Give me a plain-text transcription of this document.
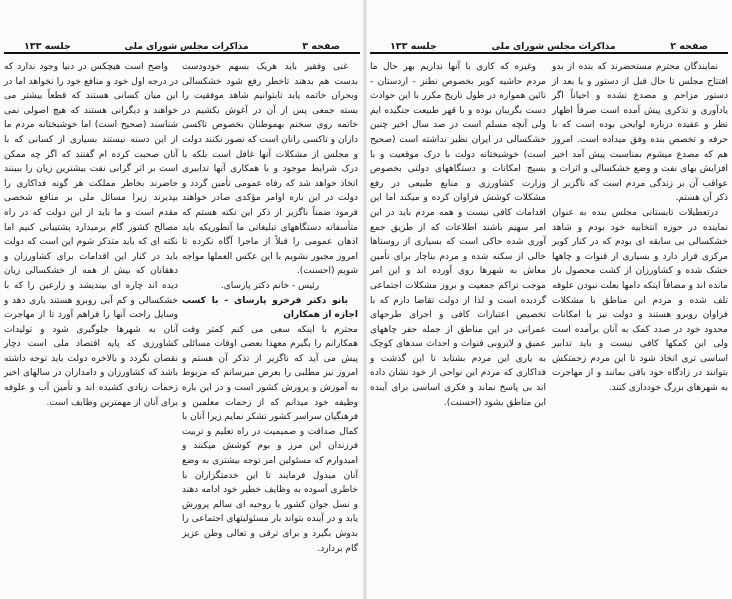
صفحه ۳
مذاکرات مجلس شورای ملی
جلسه ۱۳۳

غنی وفقیر باید هریک بسهم خودودست بدست هم بدهند تاخطر رفع شود خشکسالی وبحران خاتمه یابد تابتوانیم شاهد موفقیت را بسته جمعی پس از آن در آغوش بکشیم در خاتمه روی سخنم بهموطنان بخصوص تاکسی داران و تاکسی رانان است که تصور نکنند دولت و مجلس از مشکلات آنها غافل است بلکه با درک شرایط موجود و با همکاری آنها تدابیری اتخاذ خواهد شد که رفاه عمومی تأمین گردد و دولت در این باره اوامر مؤکدی صادر خواهند فرمود ضمناً ناگزیر از ذکر این نکته هستم که متأسفانه دستگاههای تبلیغاتی ما آنطوریکه باید اذهان عمومی را قبلاً از ماجرا آگاه نکرده تا امروز مجبور نشویم با این عکس العملها مواجه شویم (احسنت).

رئیس - خانم دکتر پارسای.

بانو دکتر فرخرو پارسای - با کسب اجازه از همکاران

محترم با اینکه سعی می کنم کمتر وقت همکارانم را بگیرم معهذا بعضی اوقات مسائلی پیش می آید که ناگزیر از تذکر آن هستم و امروز نیز مطلبی را بعرض میرسانم که مربوط به آموزش و پرورش کشور است و در این باره وظیفه خود میدانم که از زحمات معلمین و فرهنگیان سراسر کشور تشکر نمایم زیرا آنان با کمال صداقت و صمیمیت در راه تعلیم و تربیت فرزندان این مرز و بوم کوشش میکنند و امیدوارم که مسئولین امر توجه بیشتری به وضع آنان مبذول فرمایند تا این خدمتگزاران با خاطری آسوده به وظایف خطیر خود ادامه دهند و نسل جوان کشور با روحیه ای سالم پرورش یابد و در آینده بتواند بار مسئولیتهای اجتماعی را بدوش بگیرد و برای ترقی و تعالی وطن عزیز گام بردارد.

واضح است هیچکس در دنیا وجود ندارد که در درجه اول خود و منافع خود را نخواهد اما در این میان کسانی هستند که قطعاً بیشتر می خواهند و دیگرانی هستند که هیچ اصولی نمی شناسند (صحیح است) اما خوشبختانه مردم ما از این دسته نیستند بسیاری از کسانی که با آنان صحبت کرده ام گفتند که اگر چه ممکن است بر اثر گرانی نفت بیشترین زیان را ببینند حاضرند بخاطر مملکت هر گونه فداکاری را بپذیرند زیرا مسائل ملی بر منافع شخصی مقدم است و ما باید از این دولت که در راه مصالح کشور گام برمیدارد پشتیبانی کنیم اما نکته ای که باید متذکر شوم این است که دولت باید در کنار این اقدامات برای کشاورزان و دهقانان که بیش از همه از خشکسالی زیان دیده اند چاره ای بیندیشد و زارعین را که با خشکسالی و کم آبی روبرو هستند یاری دهد و وسایل راحت آنها را فراهم آورد تا از مهاجرت آنان به شهرها جلوگیری شود و تولیدات کشاورزی که پایه اقتصاد ملی است دچار نقصان نگردد و بالاخره دولت باید توجه داشته باشد که کشاورزان و دامداران در سالهای اخیر زحمات زیادی کشیده اند و تأمین آب و علوفه برای آنان از مهمترین وظایف است.

صفحه ۲
مذاکرات مجلس شورای ملی
جلسه ۱۳۳

نمایندگان محترم مستحضرند که بنده از بدو افتتاح مجلس تا حال قبل از دستور و یا بعد از دستور مزاحم و مصدع نشده و احیاناً اگر یادآوری و تذکری پیش آمده است صرفاً اظهار نظر و عقیده درباره لوایحی بوده است که با حرفه و تخصص بنده وفق میداده است. امروز هم که مصدع میشوم بمناسبت پیش آمد اخیر افزایش بهای نفت و وضع خشکسالی و اثرات و عواقب آن بر زندگی مردم است که ناگزیر از ذکر آن هستم.

درتعطیلات تابستانی مجلس بنده به عنوان نماینده در حوزه انتخابیه خود بودم و شاهد خشکسالی بی سابقه ای بودم که در کنار کویر مرکزی قرار دارد و بسیاری از قنوات و چاهها خشک شده و کشاورزان از کشت محصول باز مانده اند و مضافاً اینکه دامها بعلت نبودن علوفه تلف شده و مردم این مناطق با مشکلات فراوان روبرو هستند و دولت نیز با امکانات محدود خود در صدد کمک به آنان برآمده است ولی این کمکها کافی نیست و باید تدابیر اساسی تری اتخاذ شود تا این مردم زحمتکش بتوانند در زادگاه خود باقی بمانند و از مهاجرت به شهرهای بزرگ خودداری کنند.

وغیره که کاری با آنها نداریم بهر حال ما مردم حاشیه کویر بخصوص نطنز - اردستان - نائین همواره در طول تاریخ مکرر با این حوادث دست بگریبان بوده و با قهر طبیعت جنگیده ایم ولی آنچه مسلم است در صد سال اخیر چنین خشکسالی در ایران نظیر نداشته است (صحیح است) خوشبختانه دولت با درک موقعیت و با بسیج امکانات و دستگاههای دولتی بخصوص وزارت کشاورزی و منابع طبیعی در رفع مشکلات کوشش فراوان کرده و میکند اما این اقدامات کافی نیست و همه مردم باید در این امر سهیم باشند اطلاعات که از طریق جمع آوری شده حاکی است که بسیاری از روستاها خالی از سکنه شده و مردم بناچار برای تأمین معاش به شهرها روی آورده اند و این امر موجب تراکم جمعیت و بروز مشکلات اجتماعی گردیده است و لذا از دولت تقاضا دارم که با تخصیص اعتبارات کافی و اجرای طرحهای عمرانی در این مناطق از جمله حفر چاههای عمیق و لایروبی قنوات و احداث سدهای کوچک به یاری این مردم بشتابد تا این گذشت و فداکاری که مردم این نواحی از خود نشان داده اند بی پاسخ نماند و فکری اساسی برای آینده این مناطق بشود (احسنت).
